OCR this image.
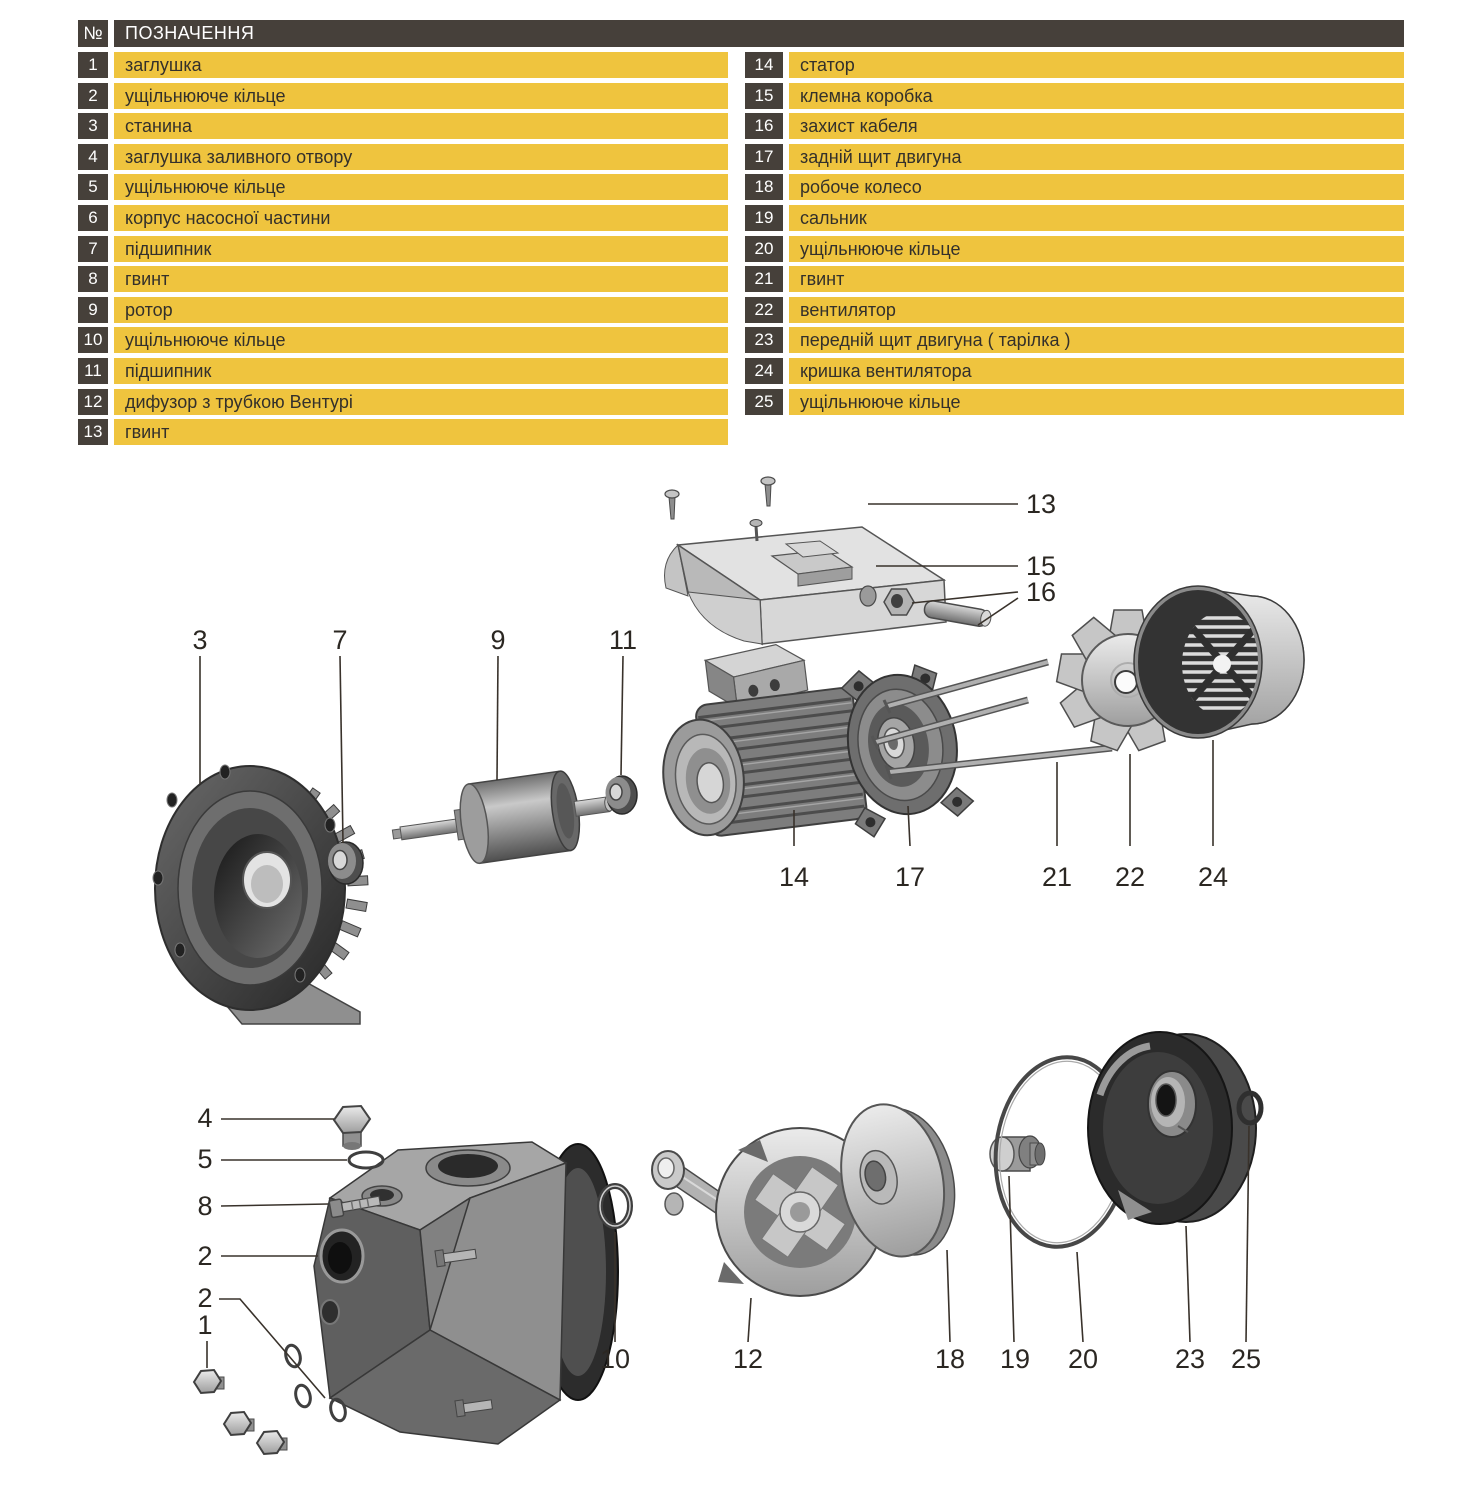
№	ПОЗНАЧЕННЯ
1	заглушка
2	ущільнююче кільце
3	станина
4	заглушка заливного отвору
5	ущільнююче кільце
6	корпус насосної частини
7	підшипник
8	гвинт
9	ротор
10	ущільнююче кільце
11	підшипник
12	дифузор з трубкою Вентурі
13	гвинт
14	статор
15	клемна коробка
16	захист кабеля
17	задній щит двигуна
18	робоче колесо
19	сальник
20	ущільнююче кільце
21	гвинт
22	вентилятор
23	передній щит двигуна ( тарілка )
24	кришка вентилятора
25	ущільнююче кільце
13
15
16
3	7	9	11
14	17	21 22 24
4
5
8
2
2
1
10	12	18 19 20	23 25
